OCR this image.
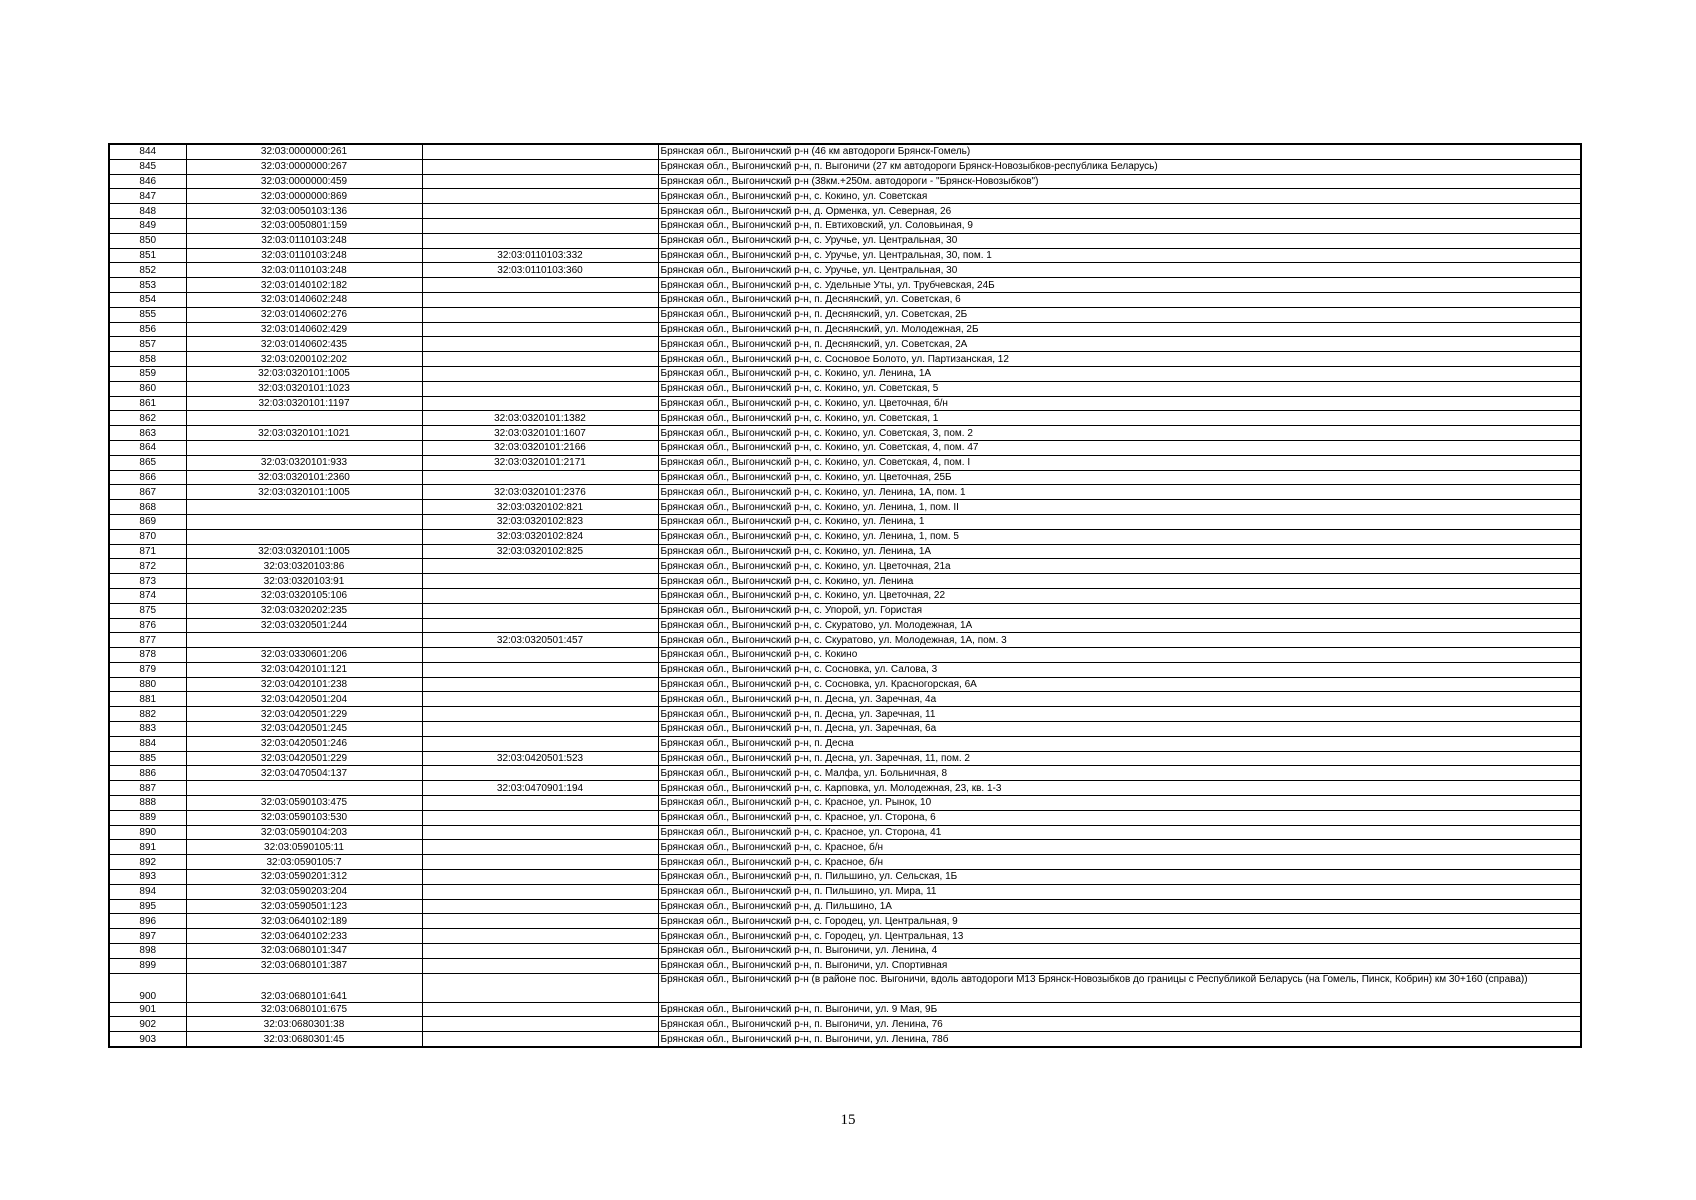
844	32:03:0000000:261		Брянская обл., Выгоничский р-н (46 км автодороги Брянск-Гомель)
845	32:03:0000000:267		Брянская обл., Выгоничский р-н, п. Выгоничи (27 км автодороги Брянск-Новозыбков-республика Беларусь)
846	32:03:0000000:459		Брянская обл., Выгоничский р-н (38км.+250м. автодороги - "Брянск-Новозыбков")
847	32:03:0000000:869		Брянская обл., Выгоничский р-н, с. Кокино, ул. Советская
848	32:03:0050103:136		Брянская обл., Выгоничский р-н, д. Орменка, ул. Северная, 26
849	32:03:0050801:159		Брянская обл., Выгоничский р-н, п. Евтиховский, ул. Соловьиная, 9
850	32:03:0110103:248		Брянская обл., Выгоничский р-н, с. Уручье, ул. Центральная, 30
851	32:03:0110103:248	32:03:0110103:332	Брянская обл., Выгоничский р-н, с. Уручье, ул. Центральная, 30, пом. 1
852	32:03:0110103:248	32:03:0110103:360	Брянская обл., Выгоничский р-н, с. Уручье, ул. Центральная, 30
853	32:03:0140102:182		Брянская обл., Выгоничский р-н, с. Удельные Уты, ул. Трубчевская, 24Б
854	32:03:0140602:248		Брянская обл., Выгоничский р-н, п. Деснянский, ул. Советская, 6
855	32:03:0140602:276		Брянская обл., Выгоничский р-н, п. Деснянский, ул. Советская, 2Б
856	32:03:0140602:429		Брянская обл., Выгоничский р-н, п. Деснянский, ул. Молодежная, 2Б
857	32:03:0140602:435		Брянская обл., Выгоничский р-н, п. Деснянский, ул. Советская, 2А
858	32:03:0200102:202		Брянская обл., Выгоничский р-н, с. Сосновое Болото, ул. Партизанская, 12
859	32:03:0320101:1005		Брянская обл., Выгоничский р-н, с. Кокино, ул. Ленина, 1А
860	32:03:0320101:1023		Брянская обл., Выгоничский р-н, с. Кокино, ул. Советская, 5
861	32:03:0320101:1197		Брянская обл., Выгоничский р-н, с. Кокино, ул. Цветочная, б/н
862		32:03:0320101:1382	Брянская обл., Выгоничский р-н, с. Кокино, ул. Советская, 1
863	32:03:0320101:1021	32:03:0320101:1607	Брянская обл., Выгоничский р-н, с. Кокино, ул. Советская, 3, пом. 2
864		32:03:0320101:2166	Брянская обл., Выгоничский р-н, с. Кокино, ул. Советская, 4, пом. 47
865	32:03:0320101:933	32:03:0320101:2171	Брянская обл., Выгоничский р-н, с. Кокино, ул. Советская, 4, пом. I
866	32:03:0320101:2360		Брянская обл., Выгоничский р-н, с. Кокино, ул. Цветочная, 25Б
867	32:03:0320101:1005	32:03:0320101:2376	Брянская обл., Выгоничский р-н, с. Кокино, ул. Ленина, 1А, пом. 1
868		32:03:0320102:821	Брянская обл., Выгоничский р-н, с. Кокино, ул. Ленина, 1, пом. II
869		32:03:0320102:823	Брянская обл., Выгоничский р-н, с. Кокино, ул. Ленина, 1
870		32:03:0320102:824	Брянская обл., Выгоничский р-н, с. Кокино, ул. Ленина, 1, пом. 5
871	32:03:0320101:1005	32:03:0320102:825	Брянская обл., Выгоничский р-н, с. Кокино, ул. Ленина, 1А
872	32:03:0320103:86		Брянская обл., Выгоничский р-н, с. Кокино, ул. Цветочная, 21а
873	32:03:0320103:91		Брянская обл., Выгоничский р-н, с. Кокино, ул. Ленина
874	32:03:0320105:106		Брянская обл., Выгоничский р-н, с. Кокино, ул. Цветочная, 22
875	32:03:0320202:235		Брянская обл., Выгоничский р-н, с. Упорой, ул. Гористая
876	32:03:0320501:244		Брянская обл., Выгоничский р-н, с. Скуратово, ул. Молодежная, 1А
877		32:03:0320501:457	Брянская обл., Выгоничский р-н, с. Скуратово, ул. Молодежная, 1А, пом. 3
878	32:03:0330601:206		Брянская обл., Выгоничский р-н, с. Кокино
879	32:03:0420101:121		Брянская обл., Выгоничский р-н, с. Сосновка, ул. Салова, 3
880	32:03:0420101:238		Брянская обл., Выгоничский р-н, с. Сосновка, ул. Красногорская, 6А
881	32:03:0420501:204		Брянская обл., Выгоничский р-н, п. Десна, ул. Заречная, 4а
882	32:03:0420501:229		Брянская обл., Выгоничский р-н, п. Десна, ул. Заречная, 11
883	32:03:0420501:245		Брянская обл., Выгоничский р-н, п. Десна, ул. Заречная, 6а
884	32:03:0420501:246		Брянская обл., Выгоничский р-н, п. Десна
885	32:03:0420501:229	32:03:0420501:523	Брянская обл., Выгоничский р-н, п. Десна, ул. Заречная, 11, пом. 2
886	32:03:0470504:137		Брянская обл., Выгоничский р-н, с. Малфа, ул. Больничная, 8
887		32:03:0470901:194	Брянская обл., Выгоничский р-н, с. Карповка, ул. Молодежная, 23, кв. 1-3
888	32:03:0590103:475		Брянская обл., Выгоничский р-н, с. Красное, ул. Рынок, 10
889	32:03:0590103:530		Брянская обл., Выгоничский р-н, с. Красное, ул. Сторона, 6
890	32:03:0590104:203		Брянская обл., Выгоничский р-н, с. Красное, ул. Сторона, 41
891	32:03:0590105:11		Брянская обл., Выгоничский р-н, с. Красное, б/н
892	32:03:0590105:7		Брянская обл., Выгоничский р-н, с. Красное, б/н
893	32:03:0590201:312		Брянская обл., Выгоничский р-н, п. Пильшино, ул. Сельская, 1Б
894	32:03:0590203:204		Брянская обл., Выгоничский р-н, п. Пильшино, ул. Мира, 11
895	32:03:0590501:123		Брянская обл., Выгоничский р-н, д. Пильшино, 1А
896	32:03:0640102:189		Брянская обл., Выгоничский р-н, с. Городец, ул. Центральная, 9
897	32:03:0640102:233		Брянская обл., Выгоничский р-н, с. Городец, ул. Центральная, 13
898	32:03:0680101:347		Брянская обл., Выгоничский р-н, п. Выгоничи, ул. Ленина, 4
899	32:03:0680101:387		Брянская обл., Выгоничский р-н, п. Выгоничи, ул. Спортивная
900	32:03:0680101:641		Брянская обл., Выгоничский р-н (в районе пос. Выгоничи, вдоль автодороги М13 Брянск-Новозыбков до границы с Республикой Беларусь (на Гомель, Пинск, Кобрин) км 30+160 (справа))
901	32:03:0680101:675		Брянская обл., Выгоничский р-н, п. Выгоничи, ул. 9 Мая, 9Б
902	32:03:0680301:38		Брянская обл., Выгоничский р-н, п. Выгоничи, ул. Ленина, 76
903	32:03:0680301:45		Брянская обл., Выгоничский р-н, п. Выгоничи, ул. Ленина, 78б
15
